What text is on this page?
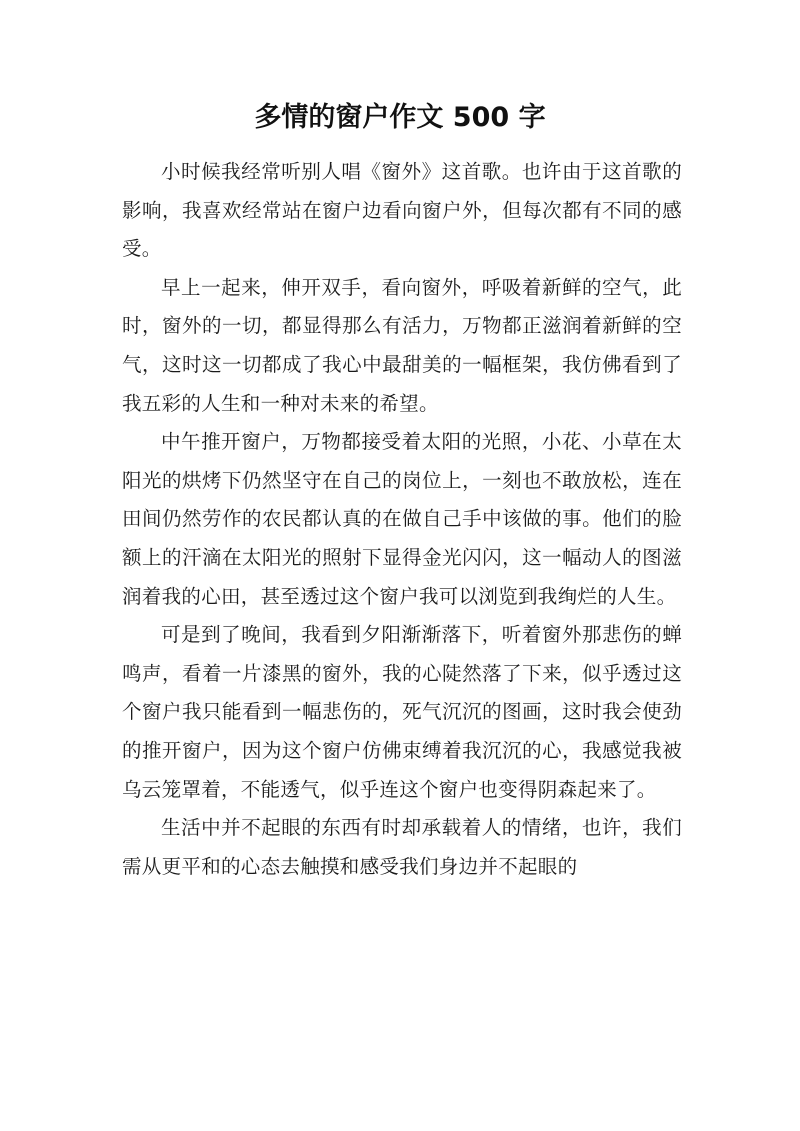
多情的窗户作文 500 字

小时候我经常听别人唱《窗外》这首歌。也许由于这首歌的影响，我喜欢经常站在窗户边看向窗户外，但每次都有不同的感受。

早上一起来，伸开双手，看向窗外，呼吸着新鲜的空气，此时，窗外的一切，都显得那么有活力，万物都正滋润着新鲜的空气，这时这一切都成了我心中最甜美的一幅框架，我仿佛看到了我五彩的人生和一种对未来的希望。

中午推开窗户，万物都接受着太阳的光照，小花、小草在太阳光的烘烤下仍然坚守在自己的岗位上，一刻也不敢放松，连在田间仍然劳作的农民都认真的在做自己手中该做的事。他们的脸额上的汗滴在太阳光的照射下显得金光闪闪，这一幅动人的图滋润着我的心田，甚至透过这个窗户我可以浏览到我绚烂的人生。

可是到了晚间，我看到夕阳渐渐落下，听着窗外那悲伤的蝉鸣声，看着一片漆黑的窗外，我的心陡然落了下来，似乎透过这个窗户我只能看到一幅悲伤的，死气沉沉的图画，这时我会使劲的推开窗户，因为这个窗户仿佛束缚着我沉沉的心，我感觉我被乌云笼罩着，不能透气，似乎连这个窗户也变得阴森起来了。

生活中并不起眼的东西有时却承载着人的情绪，也许，我们需从更平和的心态去触摸和感受我们身边并不起眼的
